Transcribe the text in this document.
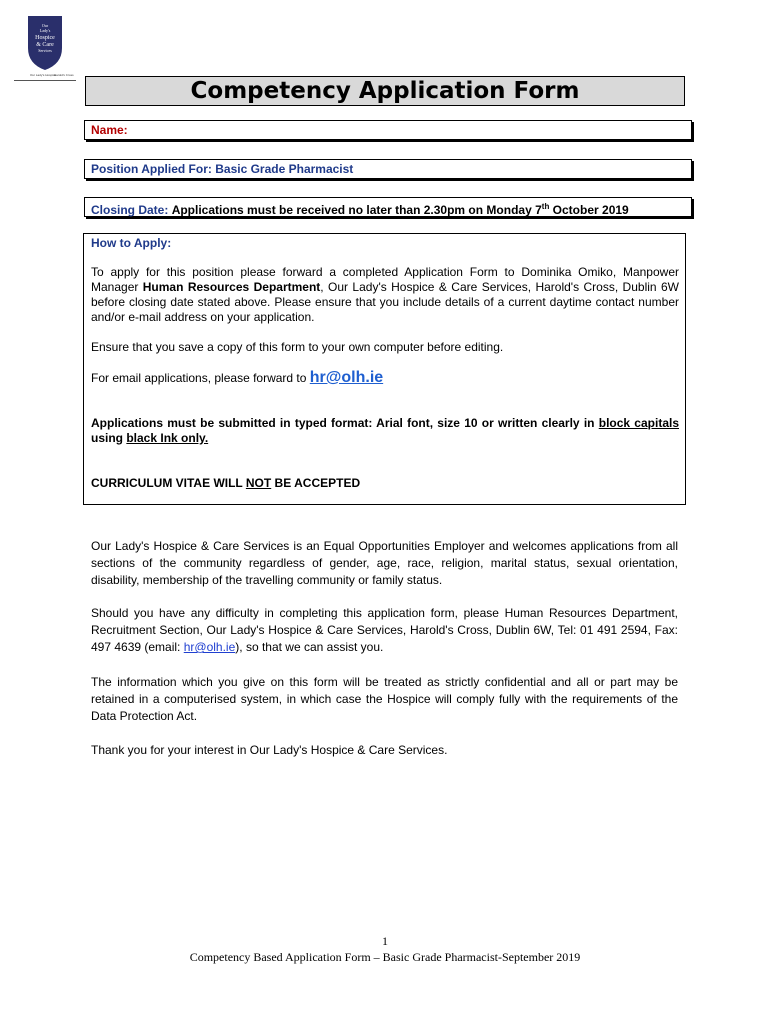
Our
Lady's
Hospice
& Care
Services
Our Lady's Hospice
Harold's Cross
Competency Application Form
Name:
Position Applied For: Basic Grade Pharmacist
Closing Date: Applications must be received no later than 2.30pm on Monday 7th October 2019
How to Apply:

To apply for this position please forward a completed Application Form to Dominika Omiko, Manpower Manager Human Resources Department, Our Lady's Hospice & Care Services, Harold's Cross, Dublin 6W before closing date stated above. Please ensure that you include details of a current daytime contact number and/or e-mail address on your application.

Ensure that you save a copy of this form to your own computer before editing.

For email applications, please forward to hr@olh.ie

Applications must be submitted in typed format: Arial font, size 10 or written clearly in block capitals using black Ink only.

CURRICULUM VITAE WILL NOT BE ACCEPTED

Our Lady's Hospice & Care Services is an Equal Opportunities Employer and welcomes applications from all sections of the community regardless of gender, age, race, religion, marital status, sexual orientation, disability, membership of the travelling community or family status.

Should you have any difficulty in completing this application form, please Human Resources Department, Recruitment Section, Our Lady's Hospice & Care Services, Harold's Cross, Dublin 6W, Tel: 01 491 2594, Fax: 497 4639 (email: hr@olh.ie), so that we can assist you.

The information which you give on this form will be treated as strictly confidential and all or part may be retained in a computerised system, in which case the Hospice will comply fully with the requirements of the Data Protection Act.

Thank you for your interest in Our Lady's Hospice & Care Services.

1
Competency Based Application Form – Basic Grade Pharmacist-September 2019
